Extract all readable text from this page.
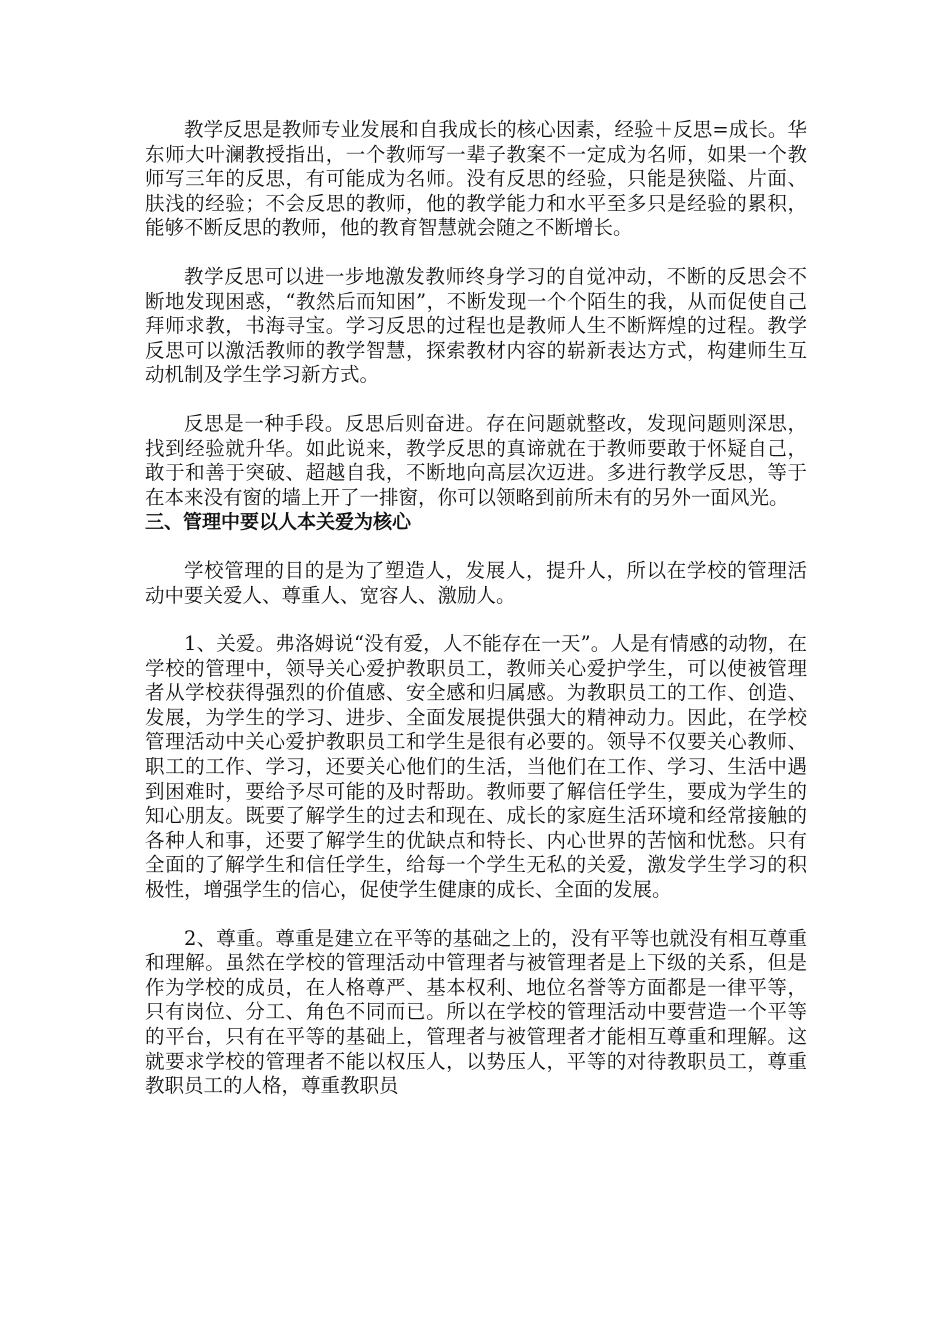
教学反思是教师专业发展和自我成长的核心因素，经验＋反思=成长。华东师大叶澜教授指出，一个教师写一辈子教案不一定成为名师，如果一个教师写三年的反思，有可能成为名师。没有反思的经验，只能是狭隘、片面、肤浅的经验；不会反思的教师，他的教学能力和水平至多只是经验的累积，能够不断反思的教师，他的教育智慧就会随之不断增长。

教学反思可以进一步地激发教师终身学习的自觉冲动，不断的反思会不断地发现困惑，“教然后而知困”，不断发现一个个陌生的我，从而促使自己拜师求教，书海寻宝。学习反思的过程也是教师人生不断辉煌的过程。教学反思可以激活教师的教学智慧，探索教材内容的崭新表达方式，构建师生互动机制及学生学习新方式。

反思是一种手段。反思后则奋进。存在问题就整改，发现问题则深思，找到经验就升华。如此说来，教学反思的真谛就在于教师要敢于怀疑自己，敢于和善于突破、超越自我，不断地向高层次迈进。多进行教学反思，等于在本来没有窗的墙上开了一排窗，你可以领略到前所未有的另外一面风光。

三、管理中要以人本关爱为核心

学校管理的目的是为了塑造人，发展人，提升人，所以在学校的管理活动中要关爱人、尊重人、宽容人、激励人。

1、关爱。弗洛姆说“没有爱，人不能存在一天”。人是有情感的动物，在学校的管理中，领导关心爱护教职员工，教师关心爱护学生，可以使被管理者从学校获得强烈的价值感、安全感和归属感。为教职员工的工作、创造、发展，为学生的学习、进步、全面发展提供强大的精神动力。因此，在学校管理活动中关心爱护教职员工和学生是很有必要的。领导不仅要关心教师、职工的工作、学习，还要关心他们的生活，当他们在工作、学习、生活中遇到困难时，要给予尽可能的及时帮助。教师要了解信任学生，要成为学生的知心朋友。既要了解学生的过去和现在、成长的家庭生活环境和经常接触的各种人和事，还要了解学生的优缺点和特长、内心世界的苦恼和忧愁。只有全面的了解学生和信任学生，给每一个学生无私的关爱，激发学生学习的积极性，增强学生的信心，促使学生健康的成长、全面的发展。

2、尊重。尊重是建立在平等的基础之上的，没有平等也就没有相互尊重和理解。虽然在学校的管理活动中管理者与被管理者是上下级的关系，但是作为学校的成员，在人格尊严、基本权利、地位名誉等方面都是一律平等，只有岗位、分工、角色不同而已。所以在学校的管理活动中要营造一个平等的平台，只有在平等的基础上，管理者与被管理者才能相互尊重和理解。这就要求学校的管理者不能以权压人，以势压人，平等的对待教职员工，尊重教职员工的人格，尊重教职员
